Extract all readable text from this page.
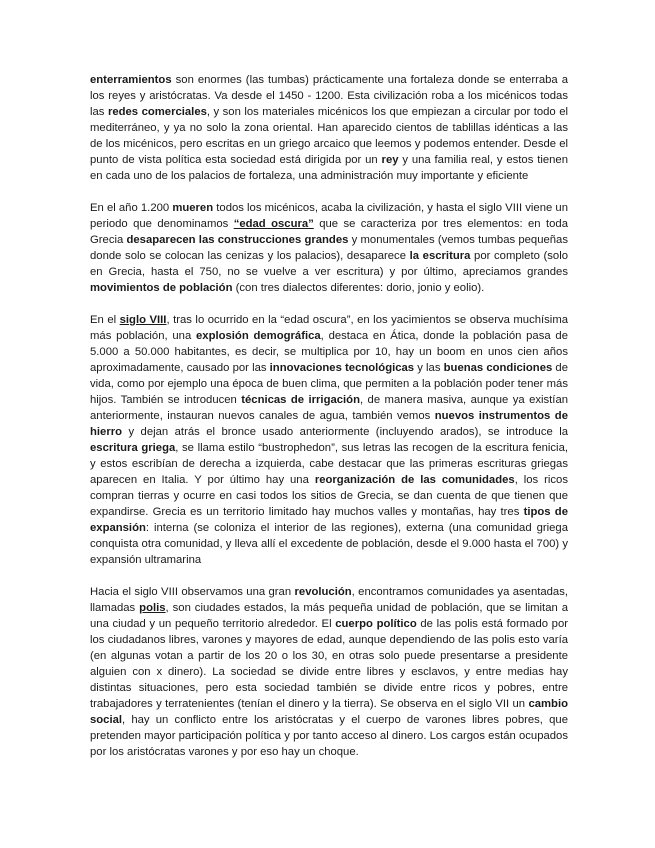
enterramientos son enormes (las tumbas) prácticamente una fortaleza donde se enterraba a los reyes y aristócratas. Va desde el 1450 - 1200. Esta civilización roba a los micénicos todas las redes comerciales, y son los materiales micénicos los que empiezan a circular por todo el mediterráneo, y ya no solo la zona oriental. Han aparecido cientos de tablillas idénticas a las de los micénicos, pero escritas en un griego arcaico que leemos y podemos entender. Desde el punto de vista política esta sociedad está dirigida por un rey y una familia real, y estos tienen en cada uno de los palacios de fortaleza, una administración muy importante y eficiente

En el año 1.200 mueren todos los micénicos, acaba la civilización, y hasta el siglo VIII viene un periodo que denominamos “edad oscura” que se caracteriza por tres elementos: en toda Grecia desaparecen las construcciones grandes y monumentales (vemos tumbas pequeñas donde solo se colocan las cenizas y los palacios), desaparece la escritura por completo (solo en Grecia, hasta el 750, no se vuelve a ver escritura) y por último, apreciamos grandes movimientos de población (con tres dialectos diferentes: dorio, jonio y eolio).

En el siglo VIII, tras lo ocurrido en la “edad oscura”, en los yacimientos se observa muchísima más población, una explosión demográfica, destaca en Ática, donde la población pasa de 5.000 a 50.000 habitantes, es decir, se multiplica por 10, hay un boom en unos cien años aproximadamente, causado por las innovaciones tecnológicas y las buenas condiciones de vida, como por ejemplo una época de buen clima, que permiten a la población poder tener más hijos. También se introducen técnicas de irrigación, de manera masiva, aunque ya existían anteriormente, instauran nuevos canales de agua, también vemos nuevos instrumentos de hierro y dejan atrás el bronce usado anteriormente (incluyendo arados), se introduce la escritura griega, se llama estilo “bustrophedon”, sus letras las recogen de la escritura fenicia, y estos escribían de derecha a izquierda, cabe destacar que las primeras escrituras griegas aparecen en Italia. Y por último hay una reorganización de las comunidades, los ricos compran tierras y ocurre en casi todos los sitios de Grecia, se dan cuenta de que tienen que expandirse. Grecia es un territorio limitado hay muchos valles y montañas, hay tres tipos de expansión: interna (se coloniza el interior de las regiones), externa (una comunidad griega conquista otra comunidad, y lleva allí el excedente de población, desde el 9.000 hasta el 700) y expansión ultramarina

Hacia el siglo VIII observamos una gran revolución, encontramos comunidades ya asentadas, llamadas polis, son ciudades estados, la más pequeña unidad de población, que se limitan a una ciudad y un pequeño territorio alrededor. El cuerpo político de las polis está formado por los ciudadanos libres, varones y mayores de edad, aunque dependiendo de las polis esto varía (en algunas votan a partir de los 20 o los 30, en otras solo puede presentarse a presidente alguien con x dinero). La sociedad se divide entre libres y esclavos, y entre medias hay distintas situaciones, pero esta sociedad también se divide entre ricos y pobres, entre trabajadores y terratenientes (tenían el dinero y la tierra). Se observa en el siglo VII un cambio social, hay un conflicto entre los aristócratas y el cuerpo de varones libres pobres, que pretenden mayor participación política y por tanto acceso al dinero. Los cargos están ocupados por los aristócratas varones y por eso hay un choque.
